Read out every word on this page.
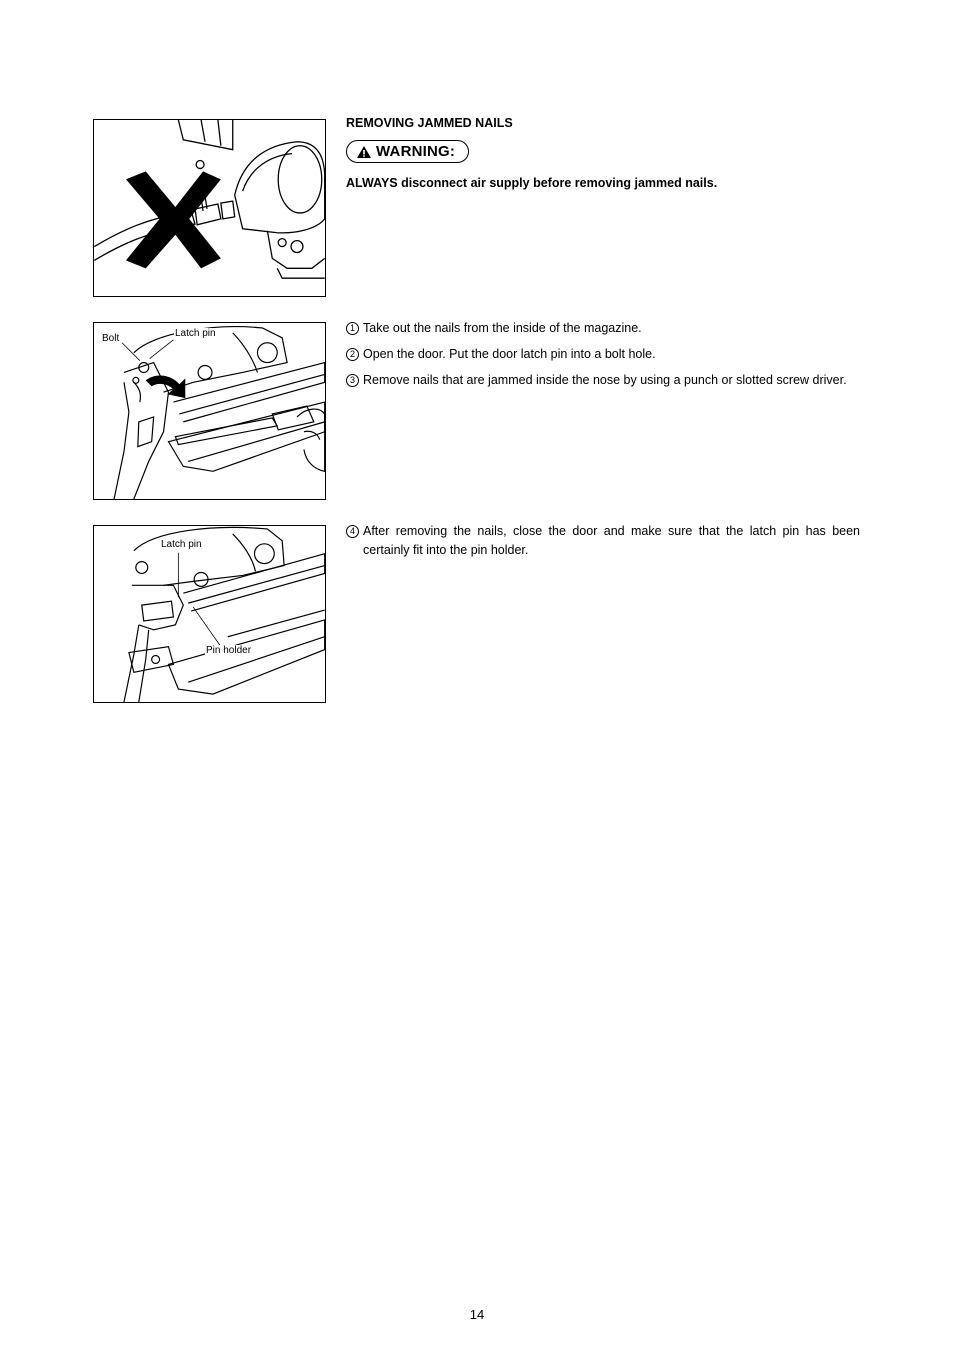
Bolt	Latch pin
Latch pin
Pin holder
REMOVING JAMMED NAILS
WARNING:
ALWAYS disconnect air supply before removing jammed nails.
1 Take out the nails from the inside of the magazine.
2 Open the door. Put the door latch pin into a bolt hole.
3 Remove nails that are jammed inside the nose by using a punch or slotted screw driver.
4 After removing the nails, close the door and make sure that the latch pin has been certainly fit into the pin holder.
14
